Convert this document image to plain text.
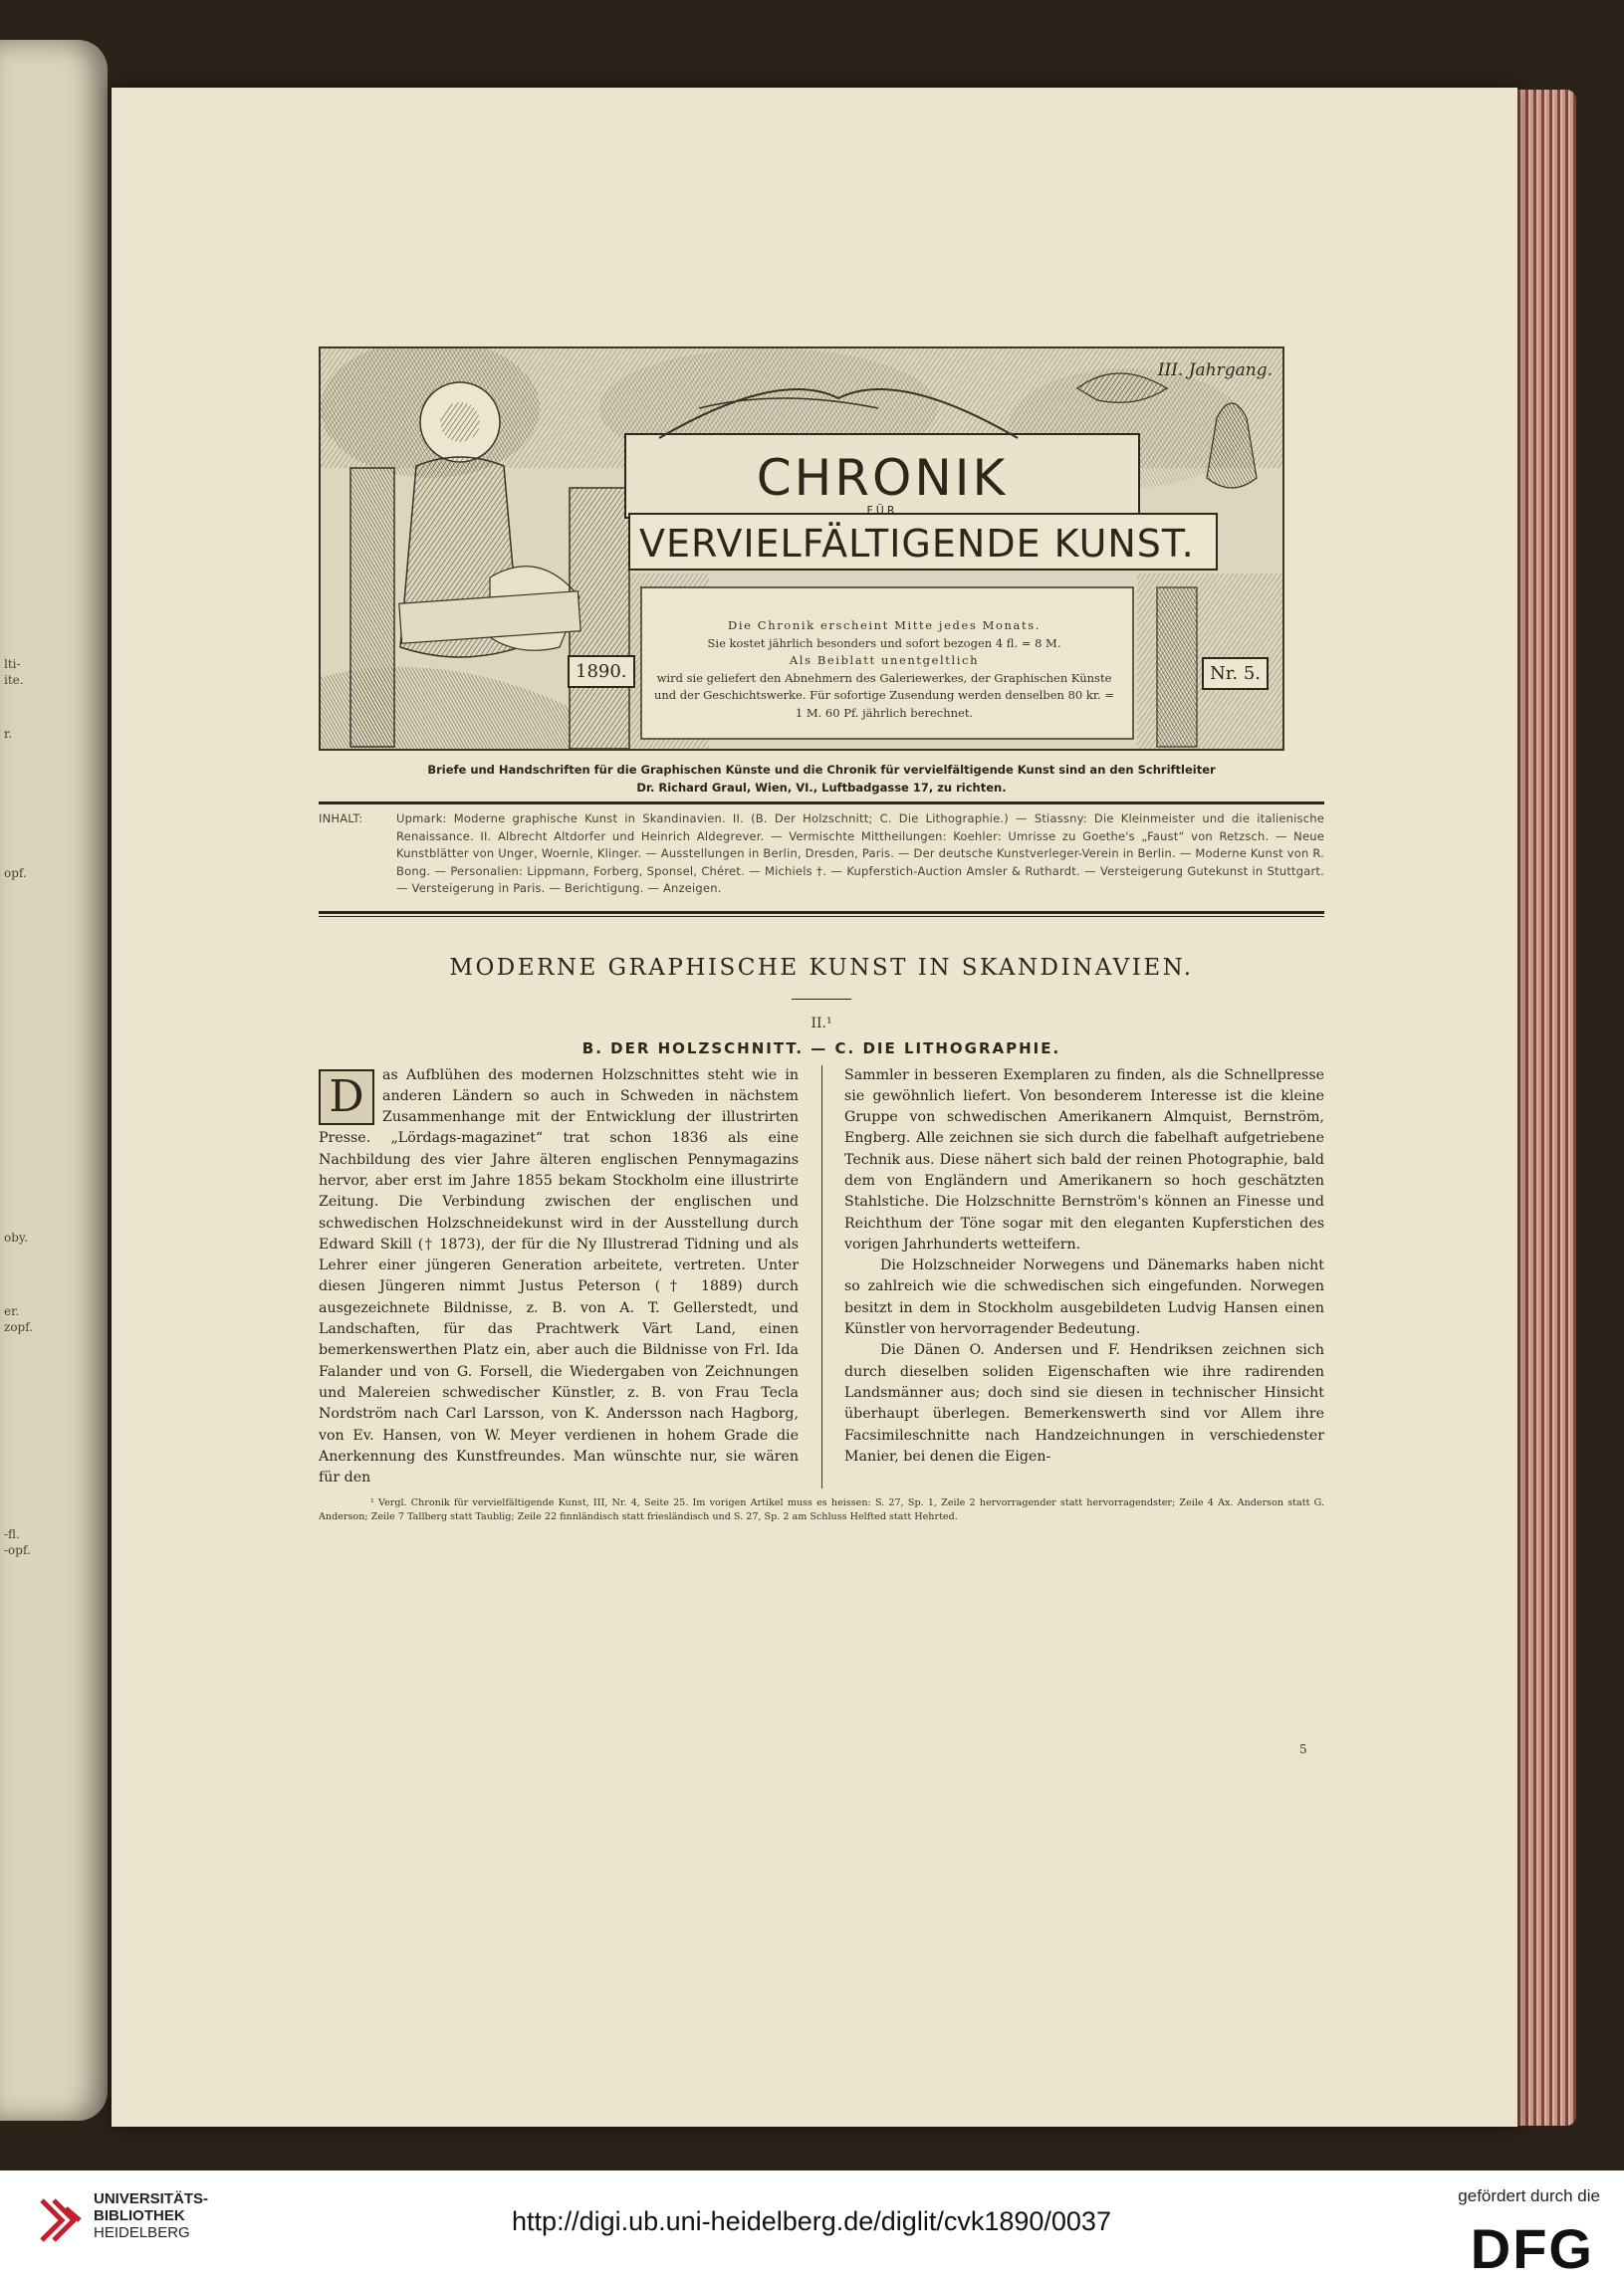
lti-
ite.
r.
opf.
oby.
er.
zopf.
-fl.
-opf.
III. Jahrgang.
CHRONIK
FÜR
VERVIELFÄLTIGENDE KUNST.
Die Chronik erscheint Mitte jedes Monats.
Sie kostet jährlich besonders und sofort bezogen 4 fl. = 8 M.
Als Beiblatt unentgeltlich
wird sie geliefert den Abnehmern des Galeriewerkes, der Graphischen Künste
und der Geschichtswerke. Für sofortige Zusendung werden denselben 80 kr. =
1 M. 60 Pf. jährlich berechnet.
1890.	Nr. 5.
Briefe und Handschriften für die Graphischen Künste und die Chronik für vervielfältigende Kunst sind an den Schriftleiter
Dr. Richard Graul, Wien, VI., Luftbadgasse 17, zu richten.
INHALT:	Upmark: Moderne graphische Kunst in Skandinavien. II. (B. Der Holzschnitt; C. Die Lithographie.) — Stiassny: Die Kleinmeister und die italienische Renaissance. II. Albrecht Altdorfer und Heinrich Aldegrever. — Vermischte Mittheilungen: Koehler: Umrisse zu Goethe's „Faust“ von Retzsch. — Neue Kunstblätter von Unger, Woernle, Klinger. — Ausstellungen in Berlin, Dresden, Paris. — Der deutsche Kunstverleger-Verein in Berlin. — Moderne Kunst von R. Bong. — Personalien: Lippmann, Forberg, Sponsel, Chéret. — Michiels †. — Kupferstich-Auction Amsler & Ruthardt. — Versteigerung Gutekunst in Stuttgart. — Versteigerung in Paris. — Berichtigung. — Anzeigen.
MODERNE GRAPHISCHE KUNST IN SKANDINAVIEN.
II.¹
B. DER HOLZSCHNITT. — C. DIE LITHOGRAPHIE.
D	as Aufblühen des modernen Holzschnittes steht wie in anderen Ländern so auch in Schweden in nächstem Zusammenhange mit der Entwicklung der illustrirten Presse. „Lördags-magazinet“ trat schon 1836 als eine Nachbildung des vier Jahre älteren englischen Pennymagazins hervor, aber erst im Jahre 1855 bekam Stockholm eine illustrirte Zeitung. Die Verbindung zwischen der englischen und schwedischen Holzschneidekunst wird in der Ausstellung durch Edward Skill († 1873), der für die Ny Illustrerad Tidning und als Lehrer einer jüngeren Generation arbeitete, vertreten. Unter diesen Jüngeren nimmt Justus Peterson († 1889) durch ausgezeichnete Bildnisse, z. B. von A. T. Gellerstedt, und Landschaften, für das Prachtwerk Värt Land, einen bemerkenswerthen Platz ein, aber auch die Bildnisse von Frl. Ida Falander und von G. Forsell, die Wiedergaben von Zeichnungen und Malereien schwedischer Künstler, z. B. von Frau Tecla Nordström nach Carl Larsson, von K. Andersson nach Hagborg, von Ev. Hansen, von W. Meyer verdienen in hohem Grade die Anerkennung des Kunstfreundes. Man wünschte nur, sie wären für den

Sammler in besseren Exemplaren zu finden, als die Schnellpresse sie gewöhnlich liefert. Von besonderem Interesse ist die kleine Gruppe von schwedischen Amerikanern Almquist, Bernström, Engberg. Alle zeichnen sie sich durch die fabelhaft aufgetriebene Technik aus. Diese nähert sich bald der reinen Photographie, bald dem von Engländern und Amerikanern so hoch geschätzten Stahlstiche. Die Holzschnitte Bernström's können an Finesse und Reichthum der Töne sogar mit den eleganten Kupferstichen des vorigen Jahrhunderts wetteifern.

Die Holzschneider Norwegens und Dänemarks haben nicht so zahlreich wie die schwedischen sich eingefunden. Norwegen besitzt in dem in Stockholm ausgebildeten Ludvig Hansen einen Künstler von hervorragender Bedeutung.

Die Dänen O. Andersen und F. Hendriksen zeichnen sich durch dieselben soliden Eigenschaften wie ihre radirenden Landsmänner aus; doch sind sie diesen in technischer Hinsicht überhaupt überlegen. Bemerkenswerth sind vor Allem ihre Facsimileschnitte nach Handzeichnungen in verschiedenster Manier, bei denen die Eigen-

¹ Vergl. Chronik für vervielfältigende Kunst, III, Nr. 4, Seite 25. Im vorigen Artikel muss es heissen: S. 27, Sp. 1, Zeile 2 hervorragender statt hervorragendster; Zeile 4 Ax. Anderson statt G. Anderson; Zeile 7 Tallberg statt Taublig; Zeile 22 finnländisch statt friesländisch und S. 27, Sp. 2 am Schluss Helfted statt Hehrted.
5
UNIVERSITÄTS-
BIBLIOTHEK
HEIDELBERG	http://digi.ub.uni-heidelberg.de/diglit/cvk1890/0037
gefördert durch die
DFG
